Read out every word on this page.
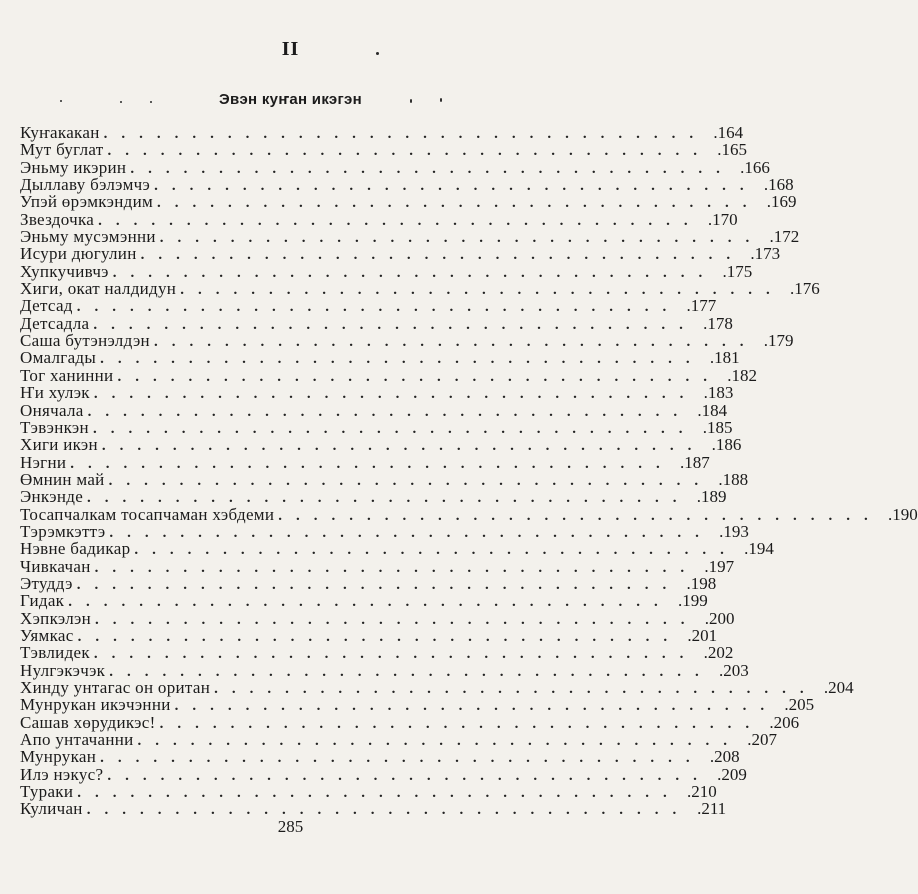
II
Эвэн куҥан икэгэн
Куҥакакан .................................. .164
Мут буглат .................................. .165
Эньму икэрин .................................. .166
Дыллаву бэлэмчэ .................................. .168
Упэй өрэмкэндим .................................. .169
Звездочка .................................. .170
Эньму мусэмэнни .................................. .172
Исури дюгулин .................................. .173
Хупкучивчэ .................................. .175
Хиги, окат налдидун .................................. .176
Детсад .................................. .177
Детсадла .................................. .178
Саша бутэнэлдэн .................................. .179
Омалгады .................................. .181
Тог ханинни .................................. .182
Ҥи хулэк .................................. .183
Онячала .................................. .184
Тэвэнкэн .................................. .185
Хиги икэн .................................. .186
Нэгни .................................. .187
Өмнин май .................................. .188
Энкэнде .................................. .189
Тосапчалкам тосапчаман хэбдеми .................................. .190
Тэрэмкэттэ .................................. .193
Нэвне бадикар .................................. .194
Чивкачан .................................. .197
Этуддэ .................................. .198
Гидак .................................. .199
Хэпкэлэн .................................. .200
Уямкас .................................. .201
Тэвлидек .................................. .202
Нулгэкэчэк .................................. .203
Хинду унтагас он оритан .................................. .204
Мунрукан икэчэнни .................................. .205
Сашав хөрудикэс! .................................. .206
Апо унтачанни .................................. .207
Мунрукан .................................. .208
Илэ нэкус? .................................. .209
Тураки .................................. .210
Куличан .................................. .211
285
